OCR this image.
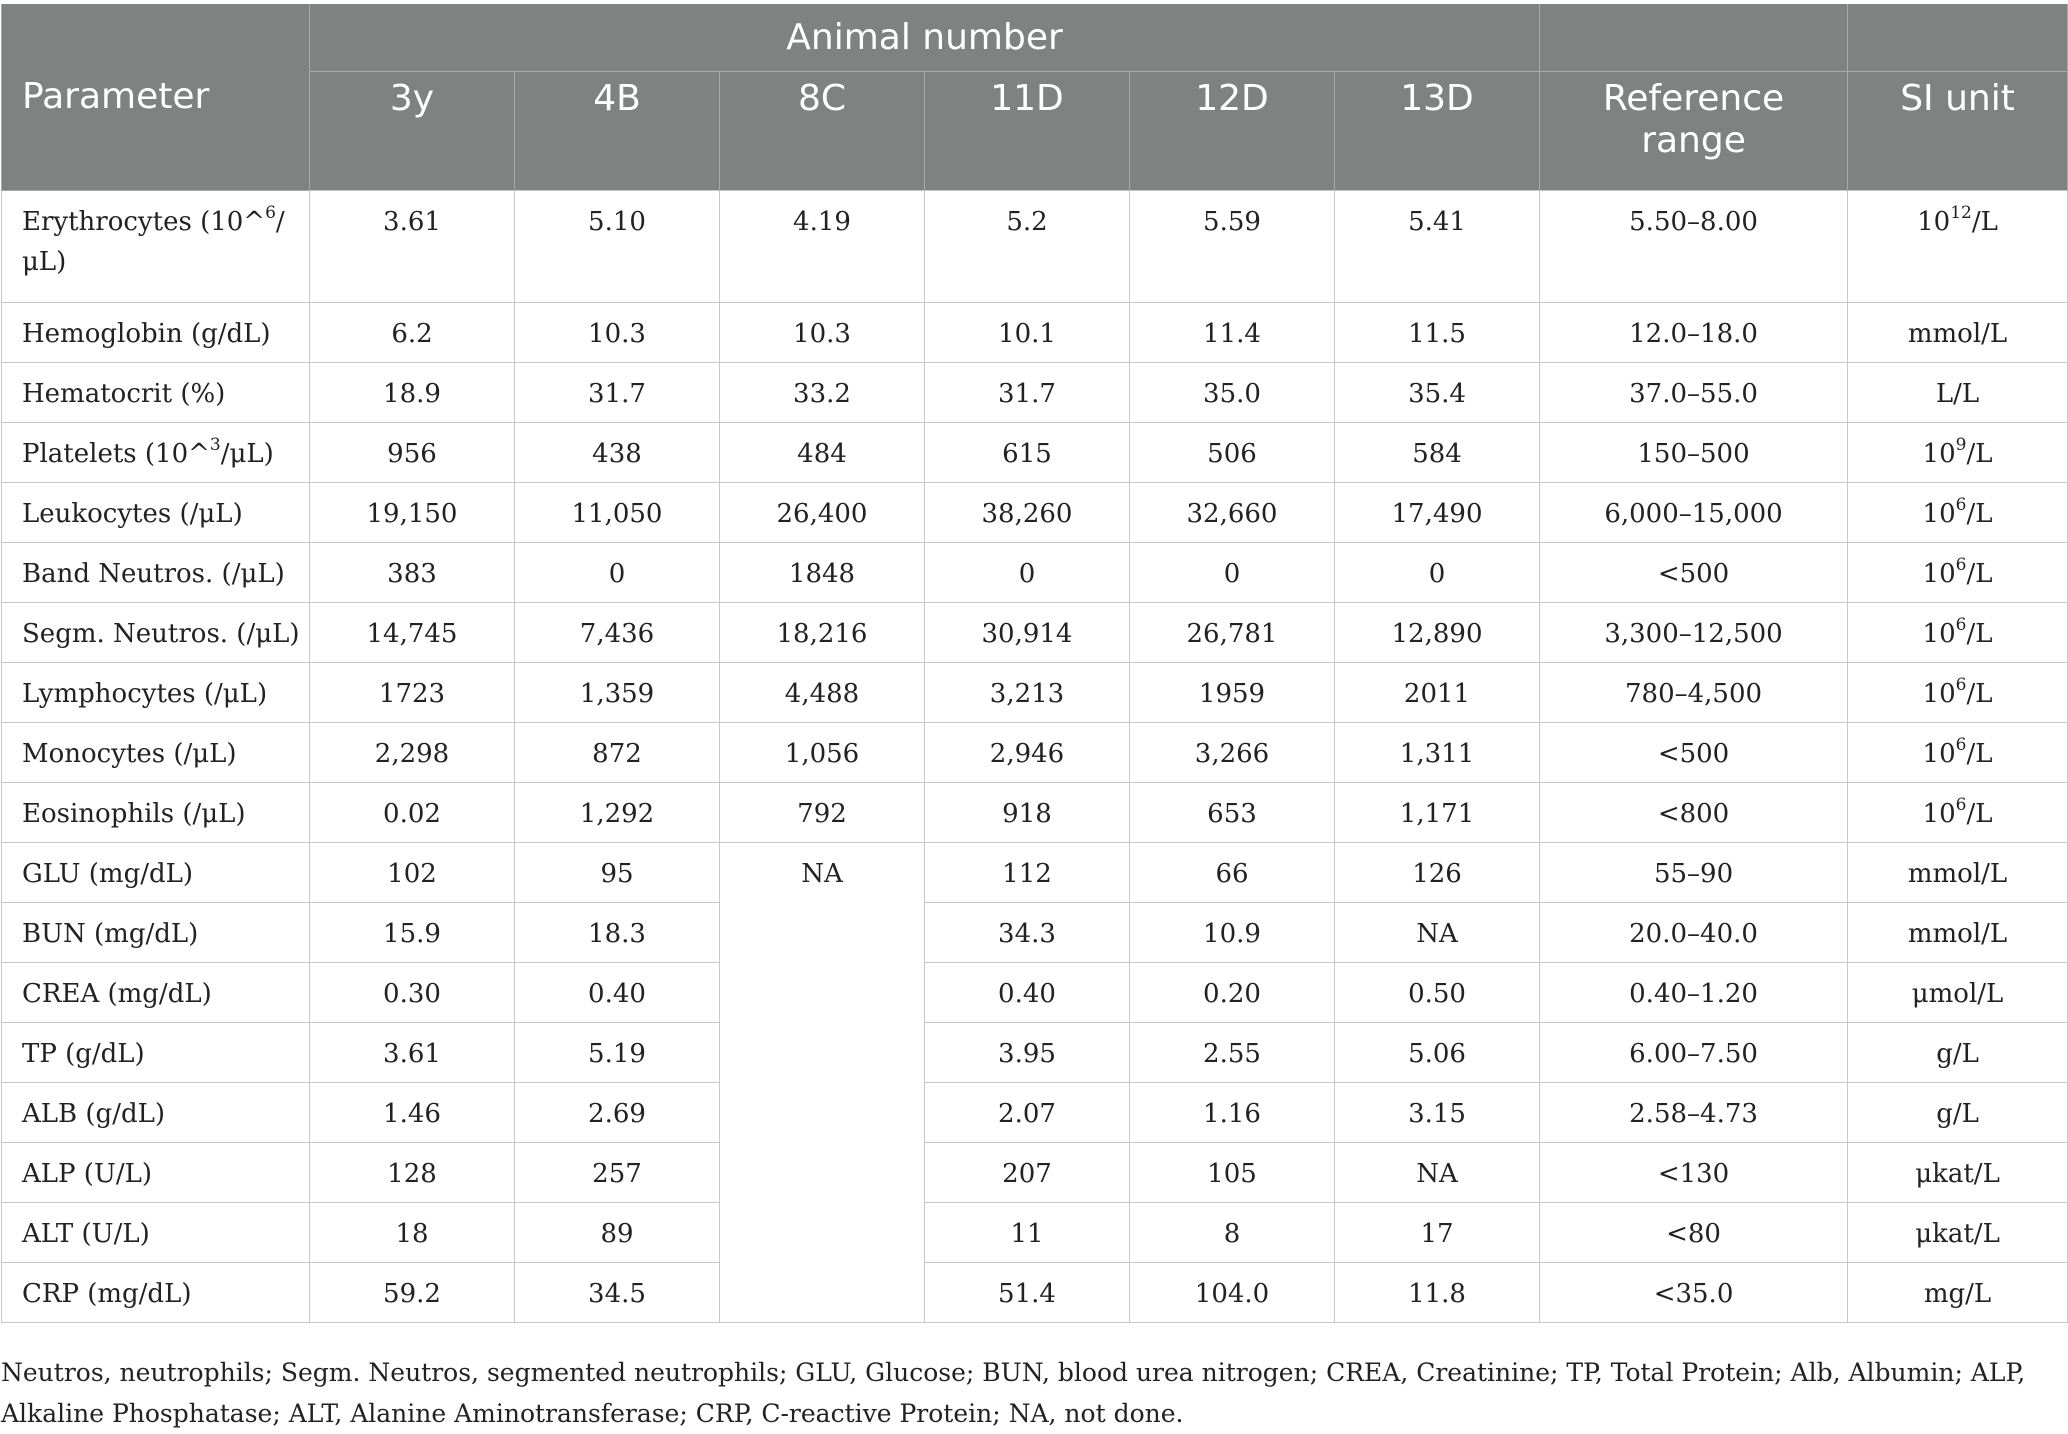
Parameter	Animal number							
	3y	4B	8C	11D	12D	13D	Reference range	SI unit
Erythrocytes (10^$^6$/
μL)	3.61	5.10	4.19	5.2	5.59	5.41	5.50–8.00	$10^{12}/L$
Hemoglobin (g/dL)	6.2	10.3	10.3	10.1	11.4	11.5	12.0–18.0	mmol/L
Hematocrit (%)	18.9	31.7	33.2	31.7	35.0	35.4	37.0–55.0	L/L
Platelets (10^$^3$/μL)	956	438	484	615	506	584	150–500	$10^9/L$
Leukocytes (/μL)	19,150	11,050	26,400	38,260	32,660	17,490	6,000–15,000	$10^6/L$
Band Neutros. (/μL)	383	0	1848	0	0	0	<500	$10^6/L$
Segm. Neutros. (/μL)	14,745	7,436	18,216	30,914	26,781	12,890	3,300–12,500	$10^6/L$
Lymphocytes (/μL)	1723	1,359	4,488	3,213	1959	2011	780–4,500	$10^6/L$
Monocytes (/μL)	2,298	872	1,056	2,946	3,266	1,311	<500	$10^6/L$
Eosinophils (/μL)	0.02	1,292	792	918	653	1,171	<800	$10^6/L$
GLU (mg/dL)	102	95	NA	112	66	126	55–90	mmol/L
BUN (mg/dL)	15.9	18.3		34.3	10.9	NA	20.0–40.0	mmol/L
CREA (mg/dL)	0.30	0.40		0.40	0.20	0.50	0.40–1.20	μmol/L
TP (g/dL)	3.61	5.19		3.95	2.55	5.06	6.00–7.50	g/L
ALB (g/dL)	1.46	2.69		2.07	1.16	3.15	2.58–4.73	g/L
ALP (U/L)	128	257		207	105	NA	<130	μkat/L
ALT (U/L)	18	89		11	8	17	<80	μkat/L
CRP (mg/dL)	59.2	34.5		51.4	104.0	11.8	<35.0	mg/L
Neutros, neutrophils; Segm. Neutros, segmented neutrophils; GLU, Glucose; BUN, blood urea nitrogen; CREA, Creatinine; TP, Total Protein; Alb, Albumin; ALP, Alkaline Phosphatase; ALT, Alanine Aminotransferase; CRP, C-reactive Protein; NA, not done.
